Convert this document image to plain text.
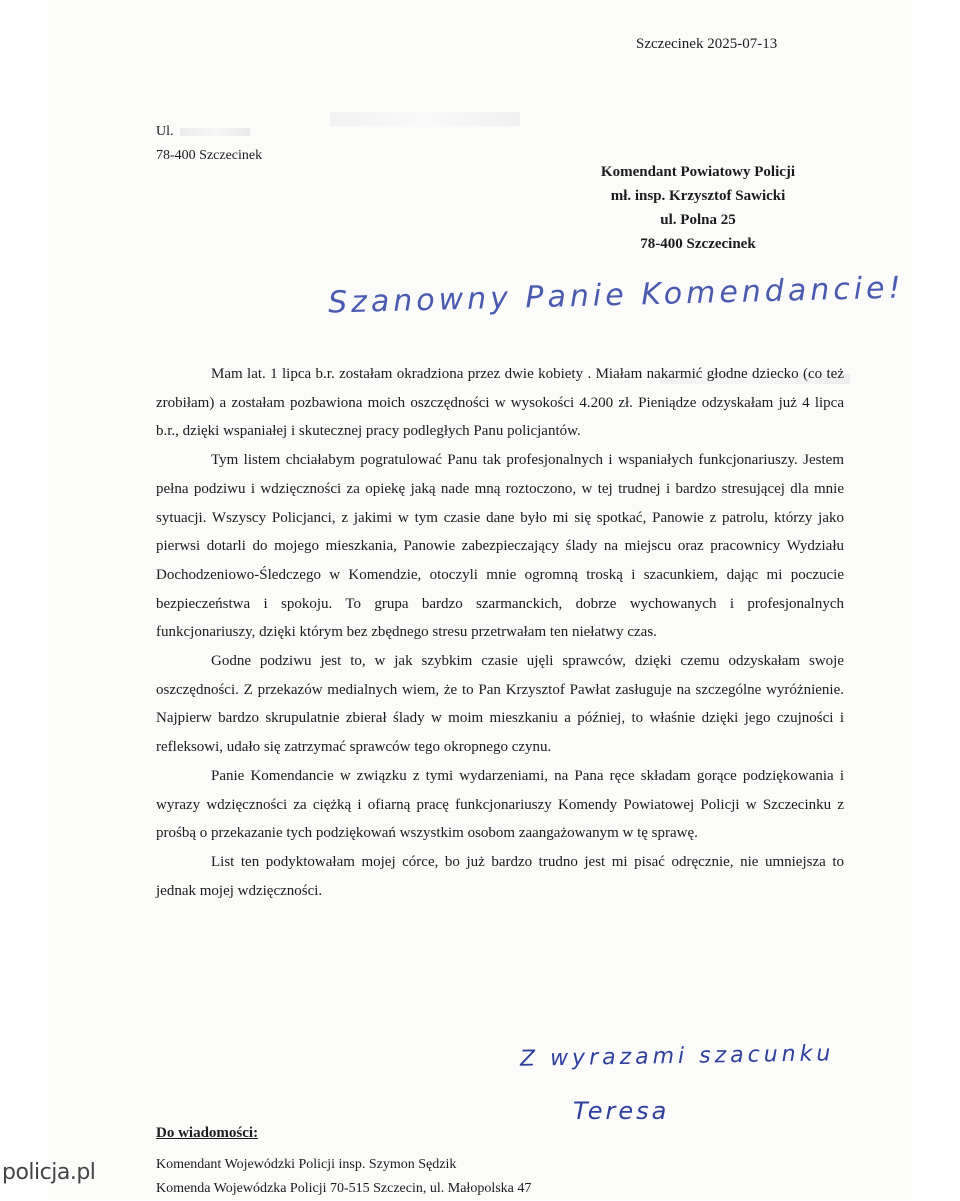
Szczecinek 2025-07-13
Ul.
78-400 Szczecinek
Komendant Powiatowy Policji
mł. insp. Krzysztof Sawicki
ul. Polna 25
78-400 Szczecinek
Szanowny Panie Komendancie!

Mam lat. 1 lipca b.r. zostałam okradziona przez dwie kobiety . Miałam nakarmić głodne dziecko (co też zrobiłam) a zostałam pozbawiona moich oszczędności w wysokości 4.200 zł. Pieniądze odzyskałam już 4 lipca b.r., dzięki wspaniałej i skutecznej pracy podległych Panu policjantów.

Tym listem chciałabym pogratulować Panu tak profesjonalnych i wspaniałych funkcjonariuszy. Jestem pełna podziwu i wdzięczności za opiekę jaką nade mną roztoczono, w tej trudnej i bardzo stresującej dla mnie sytuacji. Wszyscy Policjanci, z jakimi w tym czasie dane było mi się spotkać, Panowie z patrolu, którzy jako pierwsi dotarli do mojego mieszkania, Panowie zabezpieczający ślady na miejscu oraz pracownicy Wydziału Dochodzeniowo-Śledczego w Komendzie, otoczyli mnie ogromną troską i szacunkiem, dając mi poczucie bezpieczeństwa i spokoju. To grupa bardzo szarmanckich, dobrze wychowanych i profesjonalnych funkcjonariuszy, dzięki którym bez zbędnego stresu przetrwałam ten niełatwy czas.

Godne podziwu jest to, w jak szybkim czasie ujęli sprawców, dzięki czemu odzyskałam swoje oszczędności. Z przekazów medialnych wiem, że to Pan Krzysztof Pawłat zasługuje na szczególne wyróżnienie. Najpierw bardzo skrupulatnie zbierał ślady w moim mieszkaniu a później, to właśnie dzięki jego czujności i refleksowi, udało się zatrzymać sprawców tego okropnego czynu.

Panie Komendancie w związku z tymi wydarzeniami, na Pana ręce składam gorące podziękowania i wyrazy wdzięczności za ciężką i ofiarną pracę funkcjonariuszy Komendy Powiatowej Policji w Szczecinku z prośbą o przekazanie tych podziękowań wszystkim osobom zaangażowanym w tę sprawę.

List ten podyktowałam mojej córce, bo już bardzo trudno jest mi pisać odręcznie, nie umniejsza to jednak mojej wdzięczności.

Z wyrazami szacunku
Teresa
Do wiadomości:
Komendant Wojewódzki Policji insp. Szymon Sędzik
Komenda Wojewódzka Policji 70-515 Szczecin, ul. Małopolska 47
policja.pl
